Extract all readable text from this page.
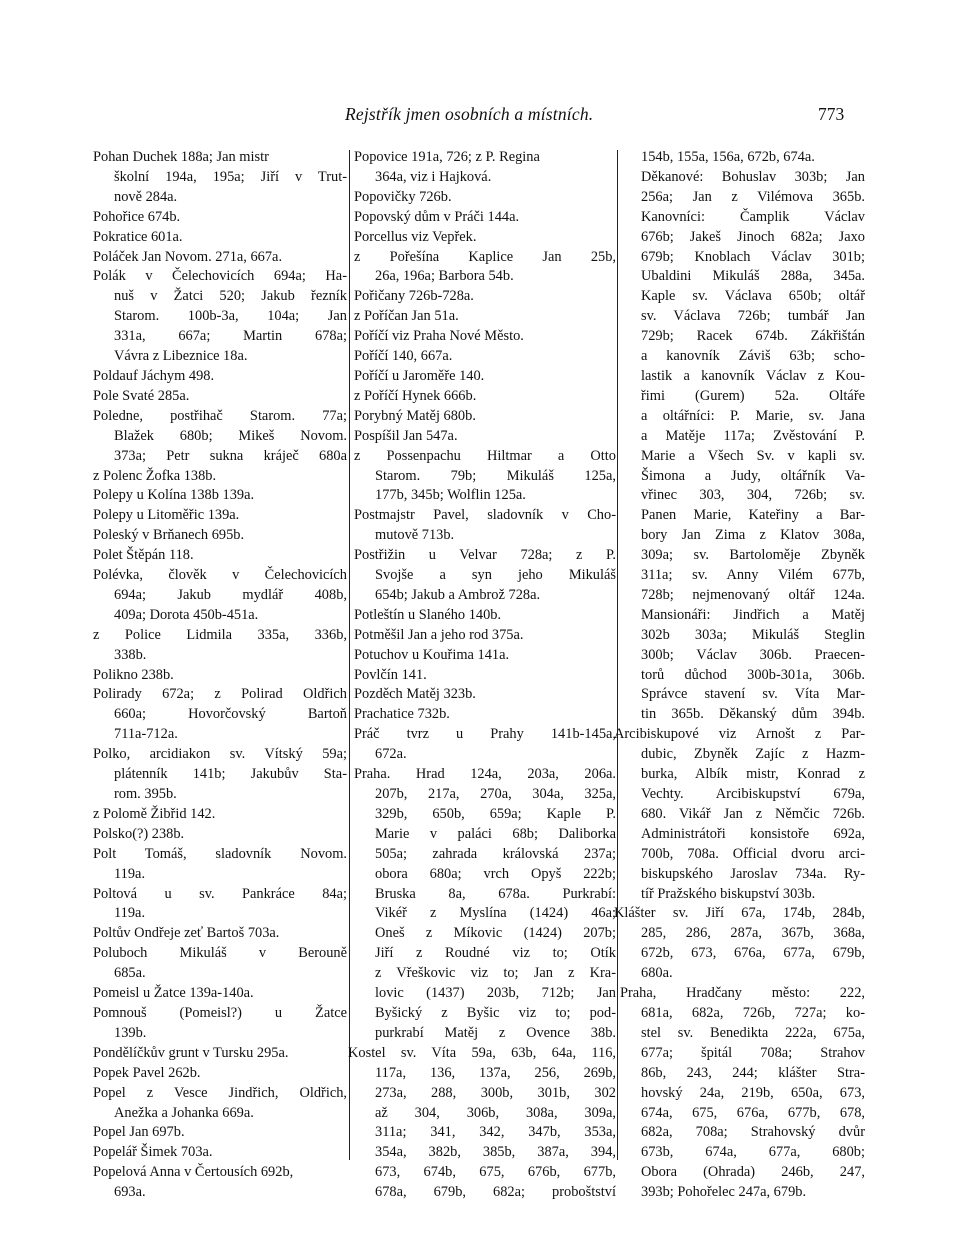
Rejstřík jmen osobních a místních.	773
Pohan Duchek 188a; Jan mistr
školní 194a, 195a; Jiří v Trut-
nově 284a.
Pohořice 674b.
Pokratice 601a.
Poláček Jan Novom. 271a, 667a.
Polák v Čelechovicích 694a; Ha-
nuš v Žatci 520; Jakub řezník
Starom. 100b-3a, 104a; Jan
331a, 667a; Martin 678a;
Vávra z Libeznice 18a.
Poldauf Jáchym 498.
Pole Svaté 285a.
Poledne, postřihač Starom. 77a;
Blažek 680b; Mikeš Novom.
373a; Petr sukna kráječ 680a
z Polenc Žofka 138b.
Polepy u Kolína 138b 139a.
Polepy u Litoměřic 139a.
Poleský v Brňanech 695b.
Polet Štěpán 118.
Polévka, člověk v Čelechovicích
694a; Jakub mydlář 408b,
409a; Dorota 450b-451a.
z Police Lidmila 335a, 336b,
338b.
Polikno 238b.
Polirady 672a; z Polirad Oldřich
660a; Hovorčovský Bartoň
711a-712a.
Polko, arcidiakon sv. Vítský 59a;
plátenník 141b; Jakubův Sta-
rom. 395b.
z Polomě Žibřid 142.
Polsko(?) 238b.
Polt Tomáš, sladovník Novom.
119a.
Poltová u sv. Pankráce 84a;
119a.
Poltův Ondřeje zeť Bartoš 703a.
Poluboch Mikuláš v Berouně
685a.
Pomeisl u Žatce 139a-140a.
Pomnouš (Pomeisl?) u Žatce
139b.
Pondělíčkův grunt v Tursku 295a.
Popek Pavel 262b.
Popel z Vesce Jindřich, Oldřich,
Anežka a Johanka 669a.
Popel Jan 697b.
Popelář Šimek 703a.
Popelová Anna v Čertousích 692b,
693a.
Popovice 191a, 726; z P. Regina
364a, viz i Hajková.
Popovičky 726b.
Popovský dům v Práči 144a.
Porcellus viz Vepřek.
z Pořešína Kaplice Jan 25b,
26a, 196a; Barbora 54b.
Pořičany 726b-728a.
z Poříčan Jan 51a.
Poříčí viz Praha Nové Město.
Poříčí 140, 667a.
Poříčí u Jaroměře 140.
z Poříčí Hynek 666b.
Porybný Matěj 680b.
Pospíšil Jan 547a.
z Possenpachu Hiltmar a Otto
Starom. 79b; Mikuláš 125a,
177b, 345b; Wolflin 125a.
Postmajstr Pavel, sladovník v Cho-
mutově 713b.
Postřižin u Velvar 728a; z P.
Svojše a syn jeho Mikuláš
654b; Jakub a Ambrož 728a.
Potleštín u Slaného 140b.
Potměšil Jan a jeho rod 375a.
Potuchov u Kouřima 141a.
Povlčín 141.
Pozděch Matěj 323b.
Prachatice 732b.
Práč tvrz u Prahy 141b-145a,
672a.
Praha. Hrad 124a, 203a, 206a.
207b, 217a, 270a, 304a, 325a,
329b, 650b, 659a; Kaple P.
Marie v paláci 68b; Daliborka
505a; zahrada královská 237a;
obora 680a; vrch Opyš 222b;
Bruska 8a, 678a. Purkrabí:
Vikéř z Myslína (1424) 46a;
Oneš z Míkovic (1424) 207b;
Jiří z Roudné viz to; Otík
z Vřeškovic viz to; Jan z Kra-
lovic (1437) 203b, 712b; Jan
Byšický z Byšic viz to; pod-
purkrabí Matěj z Ovence 38b.
Kostel sv. Víta 59a, 63b, 64a, 116,
117a, 136, 137a, 256, 269b,
273a, 288, 300b, 301b, 302
až 304, 306b, 308a, 309a,
311a; 341, 342, 347b, 353a,
354a, 382b, 385b, 387a, 394,
673, 674b, 675, 676b, 677b,
678a, 679b, 682a; proboštství
154b, 155a, 156a, 672b, 674a.
Děkanové: Bohuslav 303b; Jan
256a; Jan z Vilémova 365b.
Kanovníci: Čamplik Václav
676b; Jakeš Jinoch 682a; Jaxo
679b; Knoblach Václav 301b;
Ubaldini Mikuláš 288a, 345a.
Kaple sv. Václava 650b; oltář
sv. Václava 726b; tumbář Jan
729b; Racek 674b. Zákřištán
a kanovník Záviš 63b; scho-
lastik a kanovník Václav z Kou-
řimi (Gurem) 52a. Oltáře
a oltářníci: P. Marie, sv. Jana
a Matěje 117a; Zvěstování P.
Marie a Všech Sv. v kapli sv.
Šimona a Judy, oltářník Va-
vřinec 303, 304, 726b; sv.
Panen Marie, Kateřiny a Bar-
bory Jan Zima z Klatov 308a,
309a; sv. Bartoloměje Zbyněk
311a; sv. Anny Vilém 677b,
728b; nejmenovaný oltář 124a.
Mansionáři: Jindřich a Matěj
302b 303a; Mikuláš Steglin
300b; Václav 306b. Praecen-
torů důchod 300b-301a, 306b.
Správce stavení sv. Víta Mar-
tin 365b. Děkanský dům 394b.
Arcibiskupové viz Arnošt z Par-
dubic, Zbyněk Zajíc z Hazm-
burka, Albík mistr, Konrad z
Vechty. Arcibiskupství 679a,
680. Vikář Jan z Němčic 726b.
Administrátoři konsistoře 692a,
700b, 708a. Official dvoru arci-
biskupského Jaroslav 734a. Ry-
tíř Pražského biskupství 303b.
Klášter sv. Jiří 67a, 174b, 284b,
285, 286, 287a, 367b, 368a,
672b, 673, 676a, 677a, 679b,
680a.
Praha, Hradčany město: 222,
681a, 682a, 726b, 727a; ko-
stel sv. Benedikta 222a, 675a,
677a; špitál 708a; Strahov
86b, 243, 244; klášter Stra-
hovský 24a, 219b, 650a, 673,
674a, 675, 676a, 677b, 678,
682a, 708a; Strahovský dvůr
673b, 674a, 677a, 680b;
Obora (Ohrada) 246b, 247,
393b; Pohořelec 247a, 679b.
